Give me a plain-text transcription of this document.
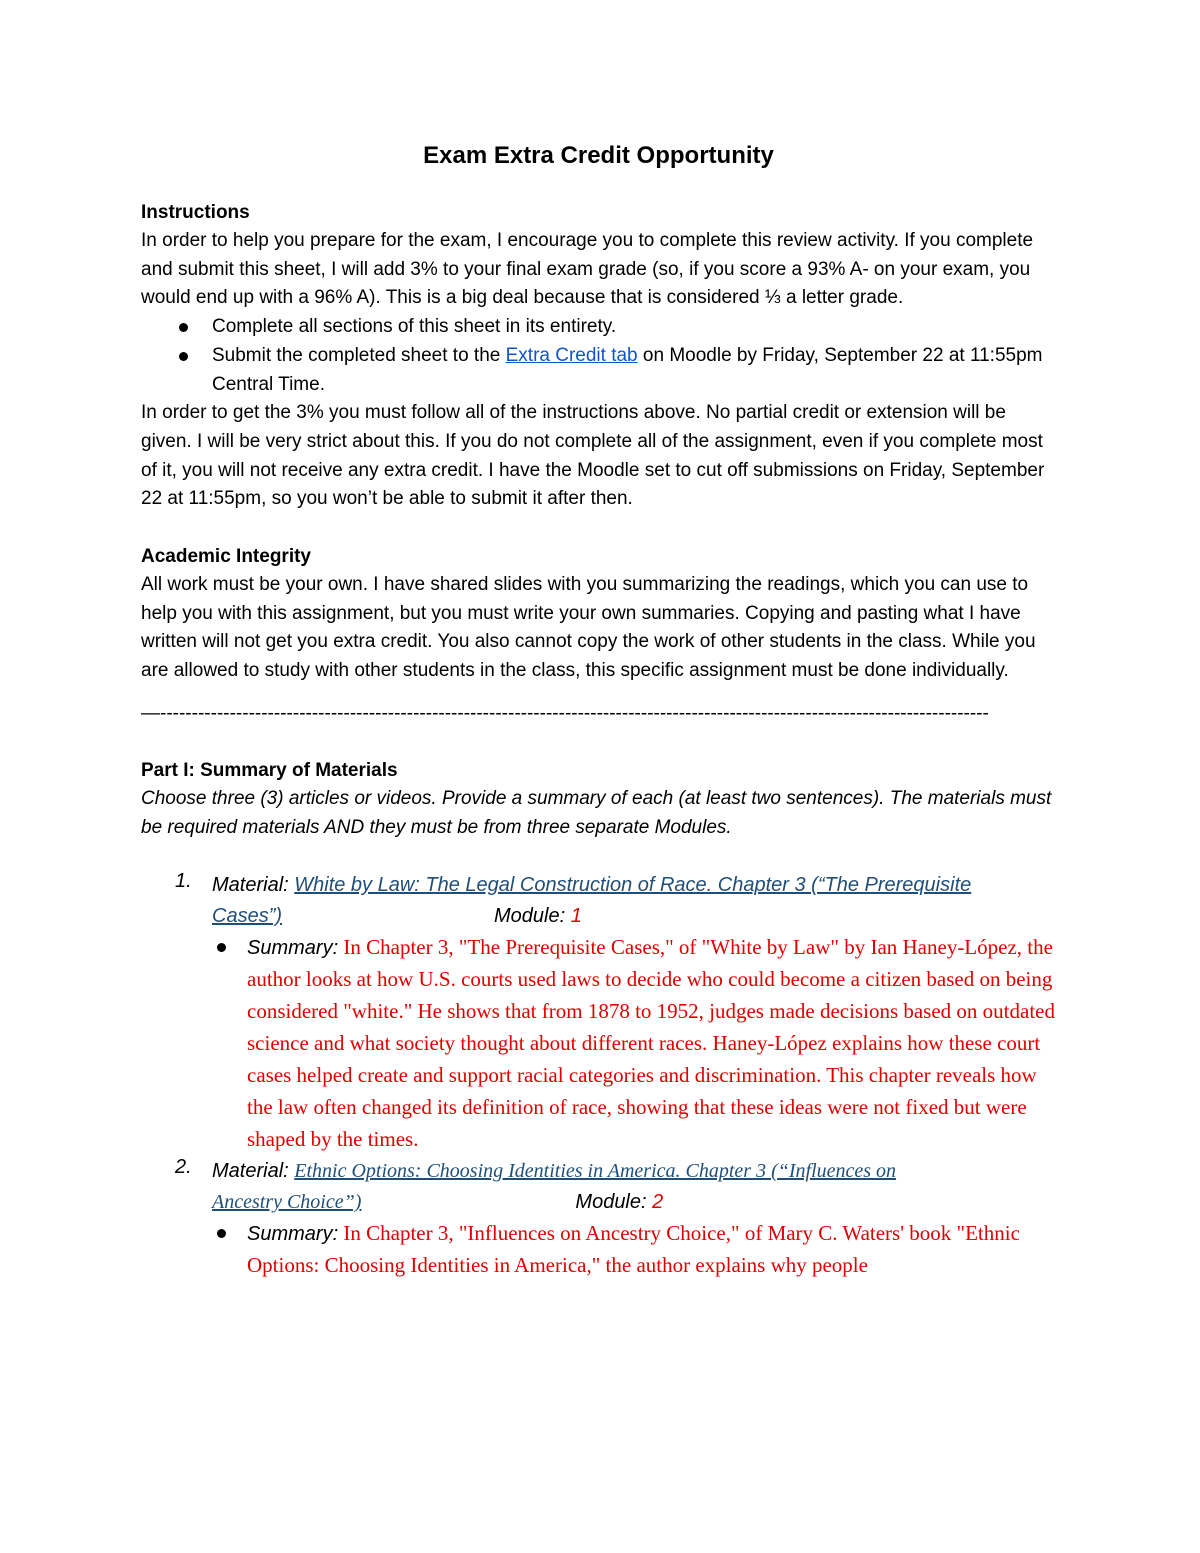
Exam Extra Credit Opportunity
Instructions

In order to help you prepare for the exam, I encourage you to complete this review activity. If you complete and submit this sheet, I will add 3% to your final exam grade (so, if you score a 93% A- on your exam, you would end up with a 96% A). This is a big deal because that is considered ⅓ a letter grade.

Complete all sections of this sheet in its entirety.
Submit the completed sheet to the Extra Credit tab on Moodle by Friday, September 22 at 11:55pm Central Time.

In order to get the 3% you must follow all of the instructions above. No partial credit or extension will be given. I will be very strict about this. If you do not complete all of the assignment, even if you complete most of it, you will not receive any extra credit. I have the Moodle set to cut off submissions on Friday, September 22 at 11:55pm, so you won’t be able to submit it after then.

Academic Integrity

All work must be your own. I have shared slides with you summarizing the readings, which you can use to help you with this assignment, but you must write your own summaries. Copying and pasting what I have written will not get you extra credit. You also cannot copy the work of other students in the class. While you are allowed to study with other students in the class, this specific assignment must be done individually.

—-----------------------------------------------------------------------------------------------------------------------------------
Part I: Summary of Materials

Choose three (3) articles or videos. Provide a summary of each (at least two sentences). The materials must be required materials AND they must be from three separate Modules.

1. Material: White by Law: The Legal Construction of Race. Chapter 3 (“The Prerequisite
Cases”)	Module: 1
Summary: In Chapter 3, "The Prerequisite Cases," of "White by Law" by Ian Haney-López, the author looks at how U.S. courts used laws to decide who could become a citizen based on being considered "white." He shows that from 1878 to 1952, judges made decisions based on outdated science and what society thought about different races. Haney-López explains how these court cases helped create and support racial categories and discrimination. This chapter reveals how the law often changed its definition of race, showing that these ideas were not fixed but were shaped by the times.
2. Material: Ethnic Options: Choosing Identities in America. Chapter 3 (“Influences on
Ancestry Choice”)	Module: 2
Summary: In Chapter 3, "Influences on Ancestry Choice," of Mary C. Waters' book "Ethnic Options: Choosing Identities in America," the author explains why people
